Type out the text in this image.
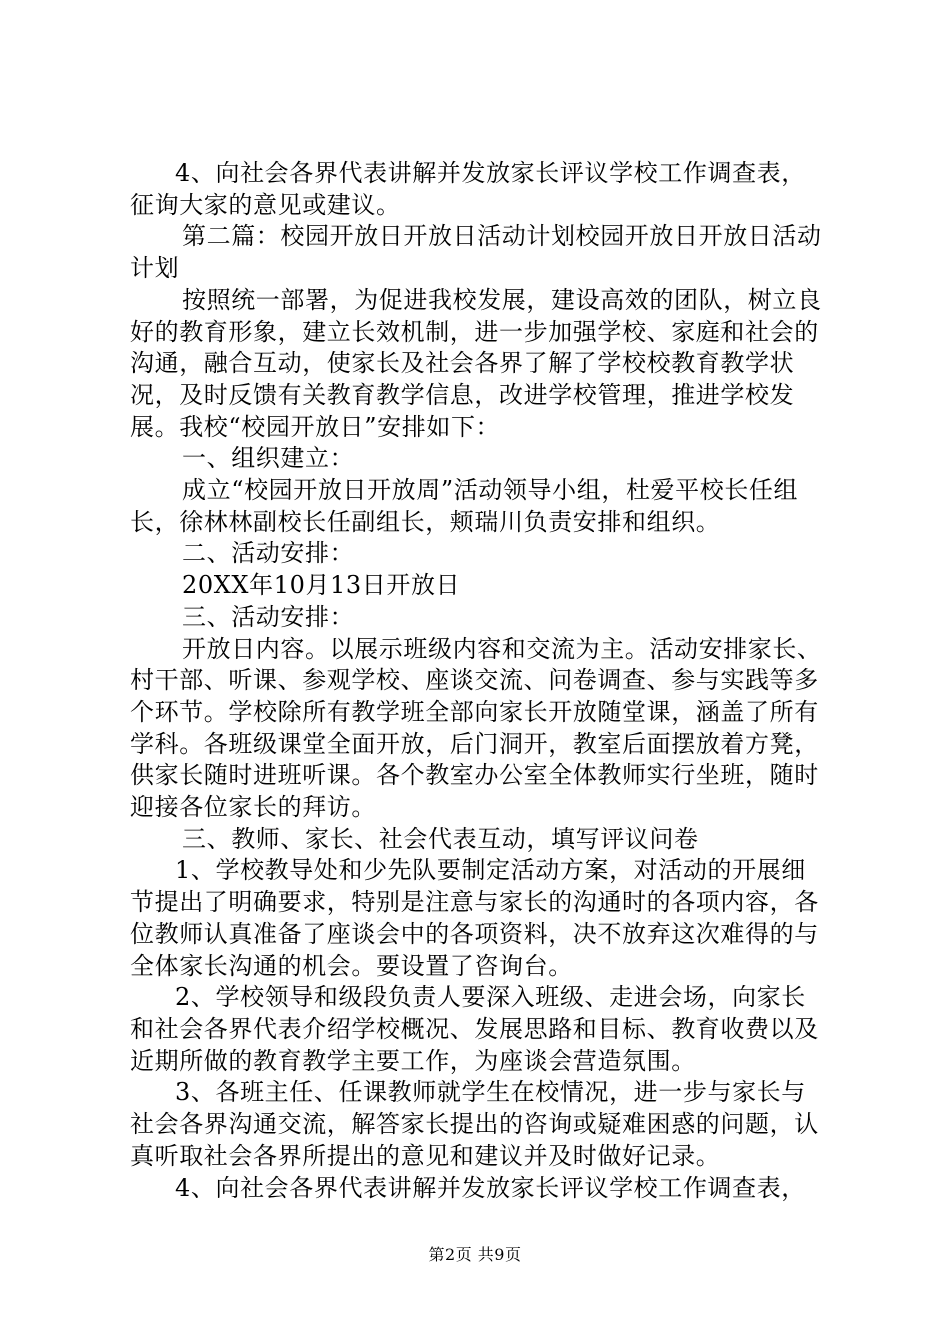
4、向社会各界代表讲解并发放家长评议学校工作调查表，征询大家的意见或建议。

第二篇：校园开放日开放日活动计划校园开放日开放日活动计划

按照统一部署，为促进我校发展，建设高效的团队，树立良好的教育形象，建立长效机制，进一步加强学校、家庭和社会的沟通，融合互动，使家长及社会各界了解了学校校教育教学状况，及时反馈有关教育教学信息，改进学校管理，推进学校发展。我校“校园开放日”安排如下：

一、组织建立：

成立“校园开放日开放周”活动领导小组，杜爱平校长任组长，徐林林副校长任副组长，颊瑞川负责安排和组织。

二、活动安排：

20XX年10月13日开放日

三、活动安排：

开放日内容。以展示班级内容和交流为主。活动安排家长、村干部、听课、参观学校、座谈交流、问卷调查、参与实践等多个环节。学校除所有教学班全部向家长开放随堂课，涵盖了所有学科。各班级课堂全面开放，后门洞开，教室后面摆放着方凳，供家长随时进班听课。各个教室办公室全体教师实行坐班，随时迎接各位家长的拜访。

三、教师、家长、社会代表互动，填写评议问卷

1、学校教导处和少先队要制定活动方案，对活动的开展细节提出了明确要求，特别是注意与家长的沟通时的各项内容，各位教师认真准备了座谈会中的各项资料，决不放弃这次难得的与全体家长沟通的机会。要设置了咨询台。

2、学校领导和级段负责人要深入班级、走进会场，向家长和社会各界代表介绍学校概况、发展思路和目标、教育收费以及近期所做的教育教学主要工作，为座谈会营造氛围。

3、各班主任、任课教师就学生在校情况，进一步与家长与社会各界沟通交流，解答家长提出的咨询或疑难困惑的问题，认真听取社会各界所提出的意见和建议并及时做好记录。

4、向社会各界代表讲解并发放家长评议学校工作调查表，

第2页 共9页
